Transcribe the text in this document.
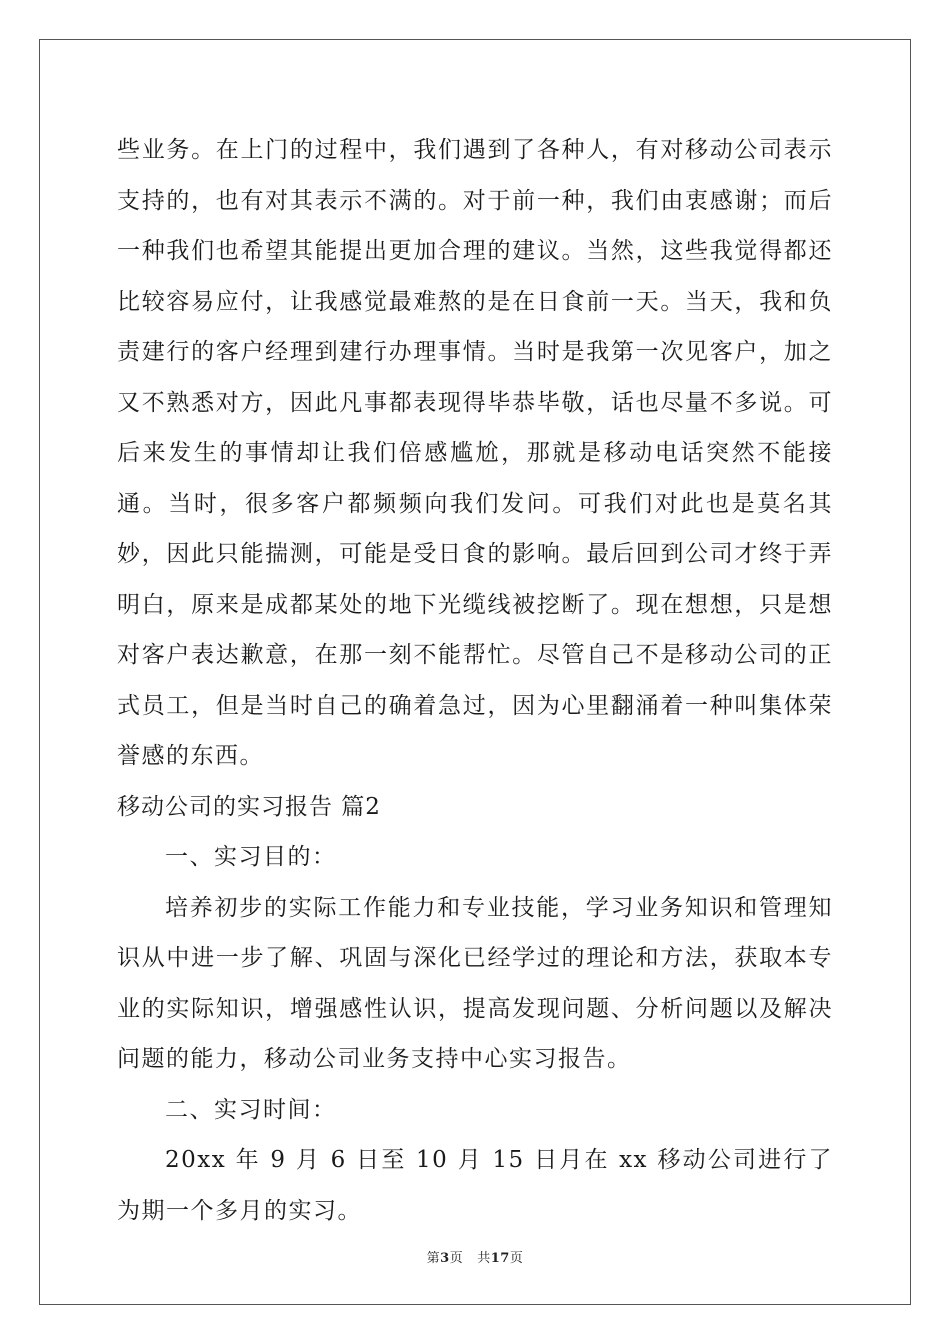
些业务。在上门的过程中，我们遇到了各种人，有对移动公司表示支持的，也有对其表示不满的。对于前一种，我们由衷感谢；而后一种我们也希望其能提出更加合理的建议。当然，这些我觉得都还比较容易应付，让我感觉最难熬的是在日食前一天。当天，我和负责建行的客户经理到建行办理事情。当时是我第一次见客户，加之又不熟悉对方，因此凡事都表现得毕恭毕敬，话也尽量不多说。可后来发生的事情却让我们倍感尴尬，那就是移动电话突然不能接通。当时，很多客户都频频向我们发问。可我们对此也是莫名其妙，因此只能揣测，可能是受日食的影响。最后回到公司才终于弄明白，原来是成都某处的地下光缆线被挖断了。现在想想，只是想对客户表达歉意，在那一刻不能帮忙。尽管自己不是移动公司的正式员工，但是当时自己的确着急过，因为心里翻涌着一种叫集体荣誉感的东西。

移动公司的实习报告 篇2

一、实习目的：

培养初步的实际工作能力和专业技能，学习业务知识和管理知识从中进一步了解、巩固与深化已经学过的理论和方法，获取本专业的实际知识，增强感性认识，提高发现问题、分析问题以及解决问题的能力，移动公司业务支持中心实习报告。

二、实习时间：

20xx 年 9 月 6 日至 10 月 15 日月在 xx 移动公司进行了为期一个多月的实习。

第3页 共17页
